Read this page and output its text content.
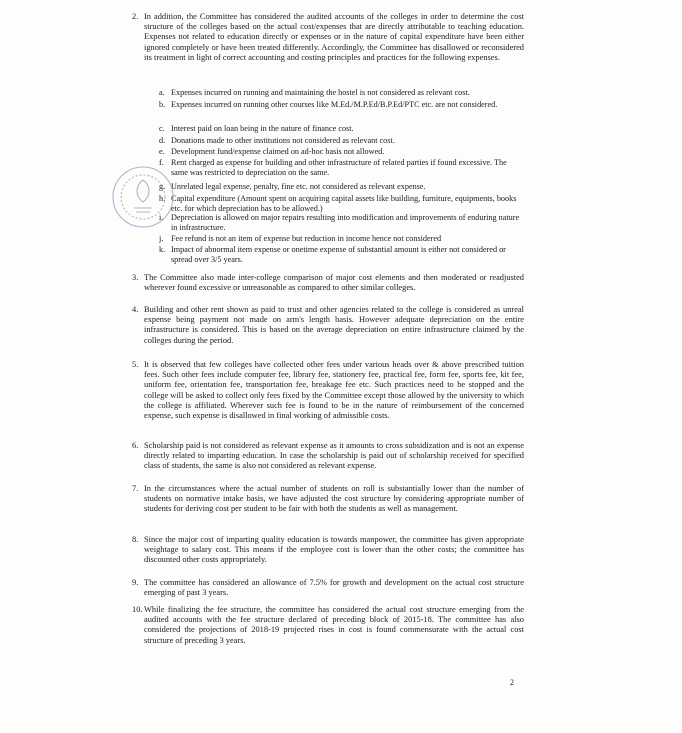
2. In addition, the Committee has considered the audited accounts of the colleges in order to determine the cost structure of the colleges based on the actual cost/expenses that are directly attributable to teaching education. Expenses not related to education directly or expenses or in the nature of capital expenditure have been either ignored completely or have been treated differently. Accordingly, the Committee has disallowed or reconsidered its treatment in light of correct accounting and costing principles and practices for the following expenses.
a. Expenses incurred on running and maintaining the hostel is not considered as relevant cost.
b. Expenses incurred on running other courses like M.Ed./M.P.Ed/B.P.Ed/PTC etc. are not considered.
c. Interest paid on loan being in the nature of finance cost.
d. Donations made to other institutions not considered as relevant cost.
e. Development fund/expense claimed on ad-hoc basis not allowed.
f. Rent charged as expense for building and other infrastructure of related parties if found excessive. The same was restricted to depreciation on the same.
g. Unrelated legal expense, penalty, fine etc. not considered as relevant expense.
h. Capital expenditure (Amount spent on acquiring capital assets like building, furniture, equipments, books etc. for which depreciation has to be allowed.)
i. Depreciation is allowed on major repairs resulting into modification and improvements of enduring nature in infrastructure.
j. Fee refund is not an item of expense but reduction in income hence not considered
k. Impact of abnormal item expense or onetime expense of substantial amount is either not considered or spread over 3/5 years.
3. The Committee also made inter-college comparison of major cost elements and then moderated or readjusted wherever found excessive or unreasonable as compared to other similar colleges.
4. Building and other rent shown as paid to trust and other agencies related to the college is considered as unreal expense being payment not made on arm's length basis. However adequate depreciation on the entire infrastructure is considered. This is based on the average depreciation on entire infrastructure claimed by the colleges during the period.
5. It is observed that few colleges have collected other fees under various heads over & above prescribed tuition fees. Such other fees include computer fee, library fee, stationery fee, practical fee, form fee, sports fee, kit fee, uniform fee, orientation fee, transportation fee, breakage fee etc. Such practices need to be stopped and the college will be asked to collect only fees fixed by the Committee except those allowed by the university to which the college is affiliated. Wherever such fee is found to be in the nature of reimbursement of the concerned expense, such expense is disallowed in final working of admissible costs.
6. Scholarship paid is not considered as relevant expense as it amounts to cross subsidization and is not an expense directly related to imparting education. In case the scholarship is paid out of scholarship received for specified class of students, the same is also not considered as relevant expense.
7. In the circumstances where the actual number of students on roll is substantially lower than the number of students on normative intake basis, we have adjusted the cost structure by considering appropriate number of students for deriving cost per student to be fair with both the students as well as management.
8. Since the major cost of imparting quality education is towards manpower, the committee has given appropriate weightage to salary cost. This means if the employee cost is lower than the other costs; the committee has discounted other costs appropriately.
9. The committee has considered an allowance of 7.5% for growth and development on the actual cost structure emerging of past 3 years.
10. While finalizing the fee structure, the committee has considered the actual cost structure emerging from the audited accounts with the fee structure declared of preceding block of 2015-18. The committee has also considered the projections of 2018-19 projected rises in cost is found commensurate with the actual cost structure of preceding 3 years.
2
